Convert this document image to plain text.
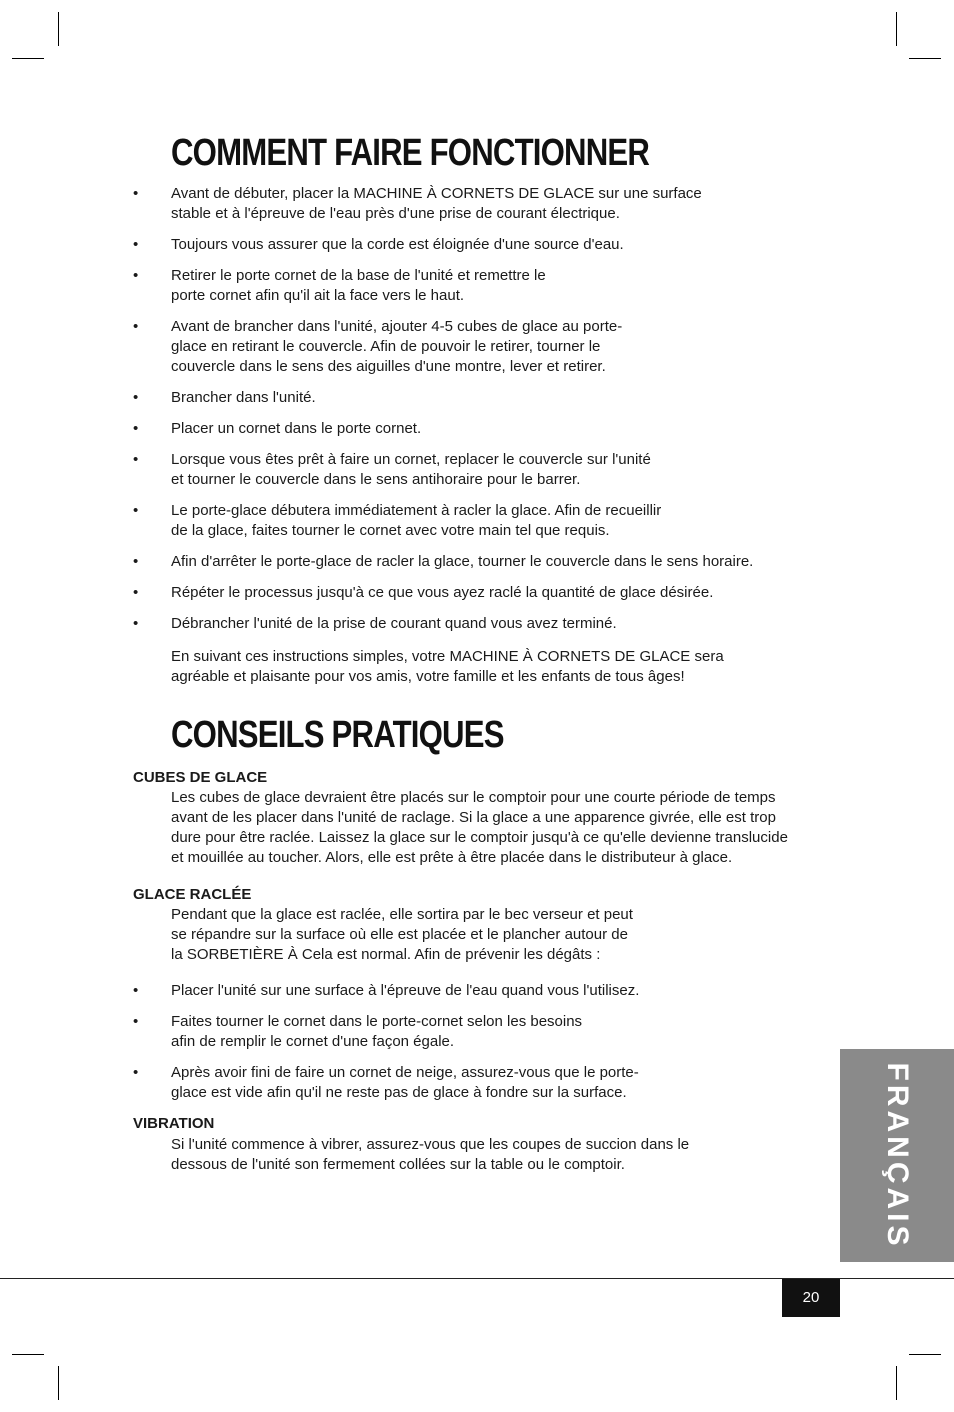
COMMENT FAIRE FONCTIONNER
• Avant de débuter, placer la MACHINE À CORNETS DE GLACE sur une surface
stable et à l'épreuve de l'eau près d'une prise de courant électrique.
• Toujours vous assurer que la corde est éloignée d'une source d'eau.
• Retirer le porte cornet de la base de l'unité et remettre le
porte cornet afin qu'il ait la face vers le haut.
• Avant de brancher dans l'unité, ajouter 4-5 cubes de glace au porte-
glace en retirant le couvercle. Afin de pouvoir le retirer, tourner le
couvercle dans le sens des aiguilles d'une montre, lever et retirer.
• Brancher dans l'unité.
• Placer un cornet dans le porte cornet.
• Lorsque vous êtes prêt à faire un cornet, replacer le couvercle sur l'unité
et tourner le couvercle dans le sens antihoraire pour le barrer.
• Le porte-glace débutera immédiatement à racler la glace. Afin de recueillir
de la glace, faites tourner le cornet avec votre main tel que requis.
• Afin d'arrêter le porte-glace de racler la glace, tourner le couvercle dans le sens horaire.
• Répéter le processus jusqu'à ce que vous ayez raclé la quantité de glace désirée.
• Débrancher l'unité de la prise de courant quand vous avez terminé.

En suivant ces instructions simples, votre MACHINE À CORNETS DE GLACE sera
agréable et plaisante pour vos amis, votre famille et les enfants de tous âges!

CONSEILS PRATIQUES

CUBES DE GLACE

Les cubes de glace devraient être placés sur le comptoir pour une courte période de temps
avant de les placer dans l'unité de raclage. Si la glace a une apparence givrée, elle est trop
dure pour être raclée. Laissez la glace sur le comptoir jusqu'à ce qu'elle devienne translucide
et mouillée au toucher. Alors, elle est prête à être placée dans le distributeur à glace.

GLACE RACLÉE

Pendant que la glace est raclée, elle sortira par le bec verseur et peut
se répandre sur la surface où elle est placée et le plancher autour de
la SORBETIÈRE À Cela est normal. Afin de prévenir les dégâts :

• Placer l'unité sur une surface à l'épreuve de l'eau quand vous l'utilisez.
• Faites tourner le cornet dans le porte-cornet selon les besoins
afin de remplir le cornet d'une façon égale.
• Après avoir fini de faire un cornet de neige, assurez-vous que le porte-
glace est vide afin qu'il ne reste pas de glace à fondre sur la surface.

VIBRATION

Si l'unité commence à vibrer, assurez-vous que les coupes de succion dans le
dessous de l'unité son fermement collées sur la table ou le comptoir.	FRANÇAIS
20
